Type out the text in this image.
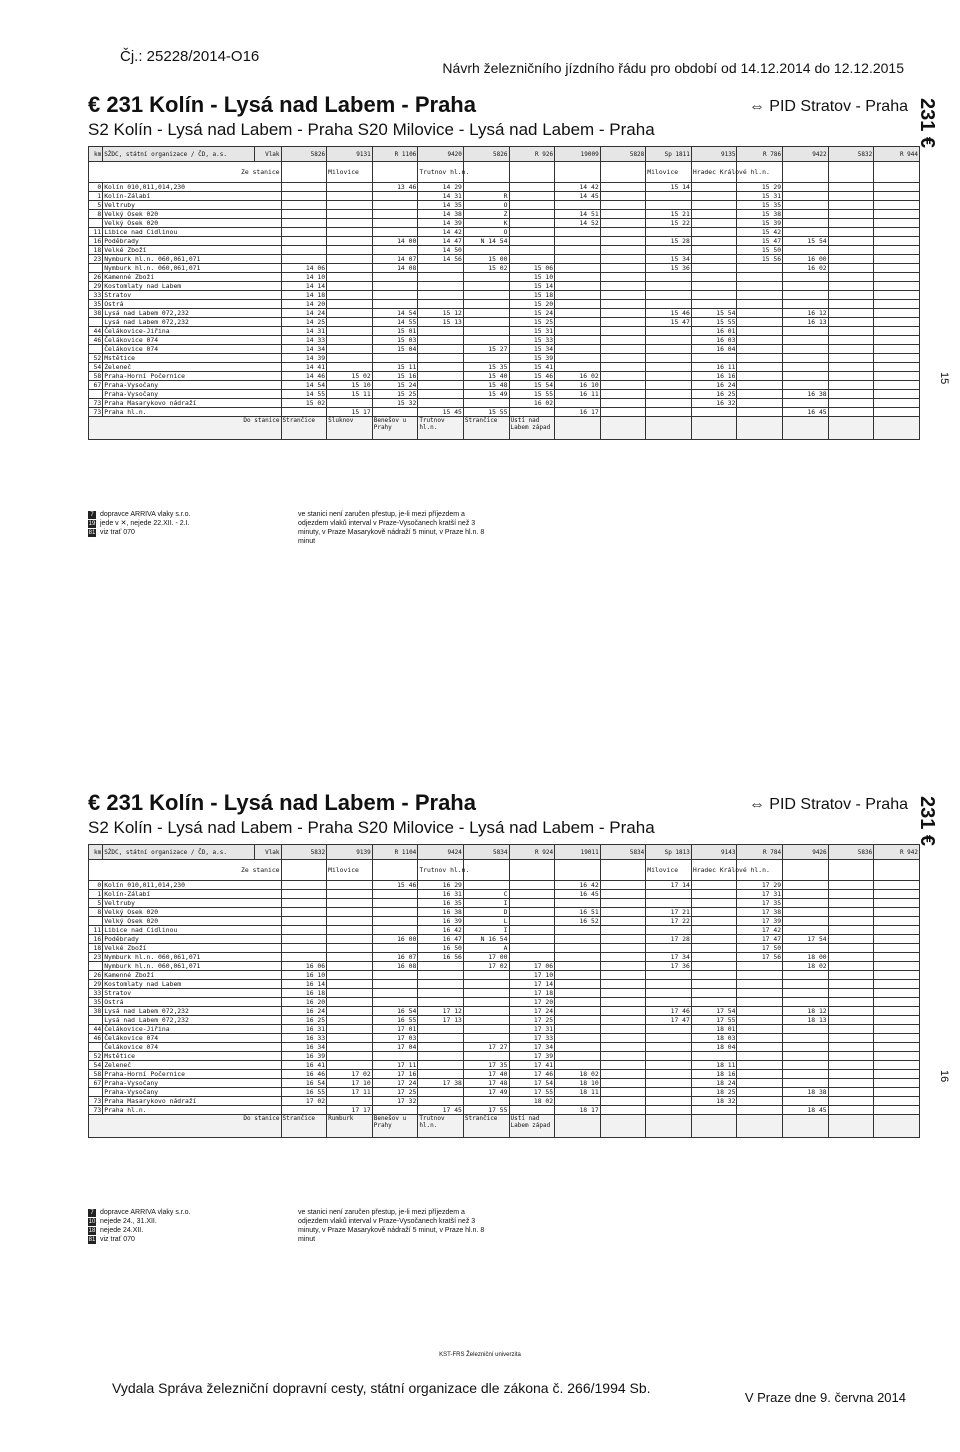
Čj.: 25228/2014-O16
Návrh železničního jízdního řádu pro období od 14.12.2014 do 12.12.2015
€ 231 Kolín - Lysá nad Labem - Praha
S2 Kolín - Lysá nad Labem - Praha S20 Milovice - Lysá nad Labem - Praha
⇔ PID Stratov - Praha 231 €
15
km	SŽDC, státní organizace / ČD, a.s.	Vlak	5826	9131	R 1106	9420	5826	R 926	19009	5828	Sp 1811	9135	R 786	9422	5832	R 944
Ze stanice				Milovice		Trutnov hl.n.					Milovice	Hradec Králové hl.n.				
0	Kolín 010,011,014,230				13 46	14 29			14 42		15 14		15 29			
1	Kolín-Zálabí					14 31	R		14 45				15 31			
5	Veltruby					14 35	O						15 35			
8	Velký Osek 020					14 38	Z		14 51		15 21		15 38			
	Velký Osek 020					14 39	K		14 52		15 22		15 39			
11	Libice nad Cidlinou					14 42	O						15 42			
16	Poděbrady				14 00	14 47	N 14 54				15 28		15 47	15 54		
18	Velké Zboží					14 50							15 50			
23	Nymburk hl.n. 060,061,071				14 07	14 56	15 00				15 34		15 56	16 00		
	Nymburk hl.n. 060,061,071		14 06		14 08		15 02	15 06			15 36			16 02		
26	Kamenné Zboží		14 10					15 10								
29	Kostomlaty nad Labem		14 14					15 14								
33	Stratov		14 18					15 18								
35	Ostrá		14 20					15 20								
38	Lysá nad Labem 072,232		14 24		14 54	15 12		15 24			15 46	15 54		16 12		
	Lysá nad Labem 072,232		14 25		14 55	15 13		15 25			15 47	15 55		16 13		
44	Čelákovice-Jiřina		14 31		15 01			15 31				16 01				
46	Čelákovice 074		14 33		15 03			15 33				16 03				
	Čelákovice 074		14 34		15 04		15 27	15 34				16 04				
52	Mstětice		14 39					15 39								
54	Zeleneč		14 41		15 11		15 35	15 41				16 11				
58	Praha-Horní Počernice		14 46	15 02	15 16		15 40	15 46	16 02			16 16				
67	Praha-Vysočany		14 54	15 10	15 24		15 48	15 54	16 10			16 24				
	Praha-Vysočany		14 55	15 11	15 25		15 49	15 55	16 11			16 25		16 38		
73	Praha Masarykovo nádraží		15 02		15 32			16 02				16 32				
73	Praha hl.n.			15 17		15 45	15 55		16 17					16 45		
Do stanice			Strančice	Šluknov	Benešov u Prahy	Trutnov hl.n.	Strančice	Ústí nad Labem západ								
7 dopravce ARRIVA vlaky s.r.o.
19 jede v ✕, nejede 22.XII. - 2.I.
81 viz trať 070
ve stanici není zaručen přestup, je-li mezi příjezdem a odjezdem vlaků interval v Praze-Vysočanech kratší než 3 minuty, v Praze Masarykově nádraží 5 minut, v Praze hl.n. 8 minut
€ 231 Kolín - Lysá nad Labem - Praha
S2 Kolín - Lysá nad Labem - Praha S20 Milovice - Lysá nad Labem - Praha
⇔ PID Stratov - Praha 231 €
16
km	SŽDC, státní organizace / ČD, a.s.	Vlak	5832	9139	R 1104	9424	5834	R 924	19011	5834	Sp 1813	9143	R 784	9426	5836	R 942
Ze stanice				Milovice		Trutnov hl.n.					Milovice	Hradec Králové hl.n.				
0	Kolín 010,011,014,230				15 46	16 29			16 42		17 14		17 29			
1	Kolín-Zálabí					16 31	C		16 45				17 31			
5	Veltruby					16 35	I						17 35			
8	Velký Osek 020					16 38	D		16 51		17 21		17 38			
	Velký Osek 020					16 39	L		16 52		17 22		17 39			
11	Libice nad Cidlinou					16 42	I						17 42			
16	Poděbrady				16 00	16 47	N 16 54				17 28		17 47	17 54		
18	Velké Zboží					16 50	A						17 50			
23	Nymburk hl.n. 060,061,071				16 07	16 56	17 00				17 34		17 56	18 00		
	Nymburk hl.n. 060,061,071		16 06		16 08		17 02	17 06			17 36			18 02		
26	Kamenné Zboží		16 10					17 10								
29	Kostomlaty nad Labem		16 14					17 14								
33	Stratov		16 18					17 18								
35	Ostrá		16 20					17 20								
38	Lysá nad Labem 072,232		16 24		16 54	17 12		17 24			17 46	17 54		18 12		
	Lysá nad Labem 072,232		16 25		16 55	17 13		17 25			17 47	17 55		18 13		
44	Čelákovice-Jiřina		16 31		17 01			17 31				18 01				
46	Čelákovice 074		16 33		17 03			17 33				18 03				
	Čelákovice 074		16 34		17 04		17 27	17 34				18 04				
52	Mstětice		16 39					17 39								
54	Zeleneč		16 41		17 11		17 35	17 41				18 11				
58	Praha-Horní Počernice		16 46	17 02	17 16		17 40	17 46	18 02			18 16				
67	Praha-Vysočany		16 54	17 10	17 24	17 38	17 48	17 54	18 10			18 24				
	Praha-Vysočany		16 55	17 11	17 25		17 49	17 55	18 11			18 25		18 38		
73	Praha Masarykovo nádraží		17 02		17 32			18 02				18 32				
73	Praha hl.n.			17 17		17 45	17 55		18 17					18 45		
Do stanice			Strančice	Rumburk	Benešov u Prahy	Trutnov hl.n.	Strančice	Ústí nad Labem západ								
7 dopravce ARRIVA vlaky s.r.o.
10 nejede 24., 31.XII.
18 nejede 24.XII.
81 viz trať 070
ve stanici není zaručen přestup, je-li mezi příjezdem a odjezdem vlaků interval v Praze-Vysočanech kratší než 3 minuty, v Praze Masarykově nádraží 5 minut, v Praze hl.n. 8 minut
KST-FRS Železniční univerzita
Vydala Správa železniční dopravní cesty, státní organizace dle zákona č. 266/1994 Sb.
V Praze dne 9. června 2014
